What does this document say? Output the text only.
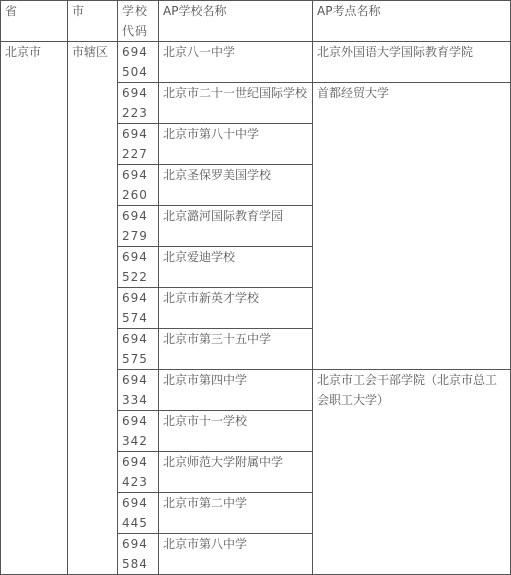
省	市	学校代码	AP学校名称	AP考点名称
北京市	市辖区	694504	北京八一中学	北京外国语大学国际教育学院
		694223	北京市二十一世纪国际学校	首都经贸大学
		694227	北京市第八十中学	
		694260	北京圣保罗美国学校	
		694279	北京潞河国际教育学园	
		694522	北京爱迪学校	
		694574	北京市新英才学校	
		694575	北京市第三十五中学	
		694334	北京市第四中学	北京市工会干部学院（北京市总工会职工大学）
		694342	北京市十一学校	
		694423	北京师范大学附属中学	
		694445	北京市第二中学	
		694584	北京市第八中学	
